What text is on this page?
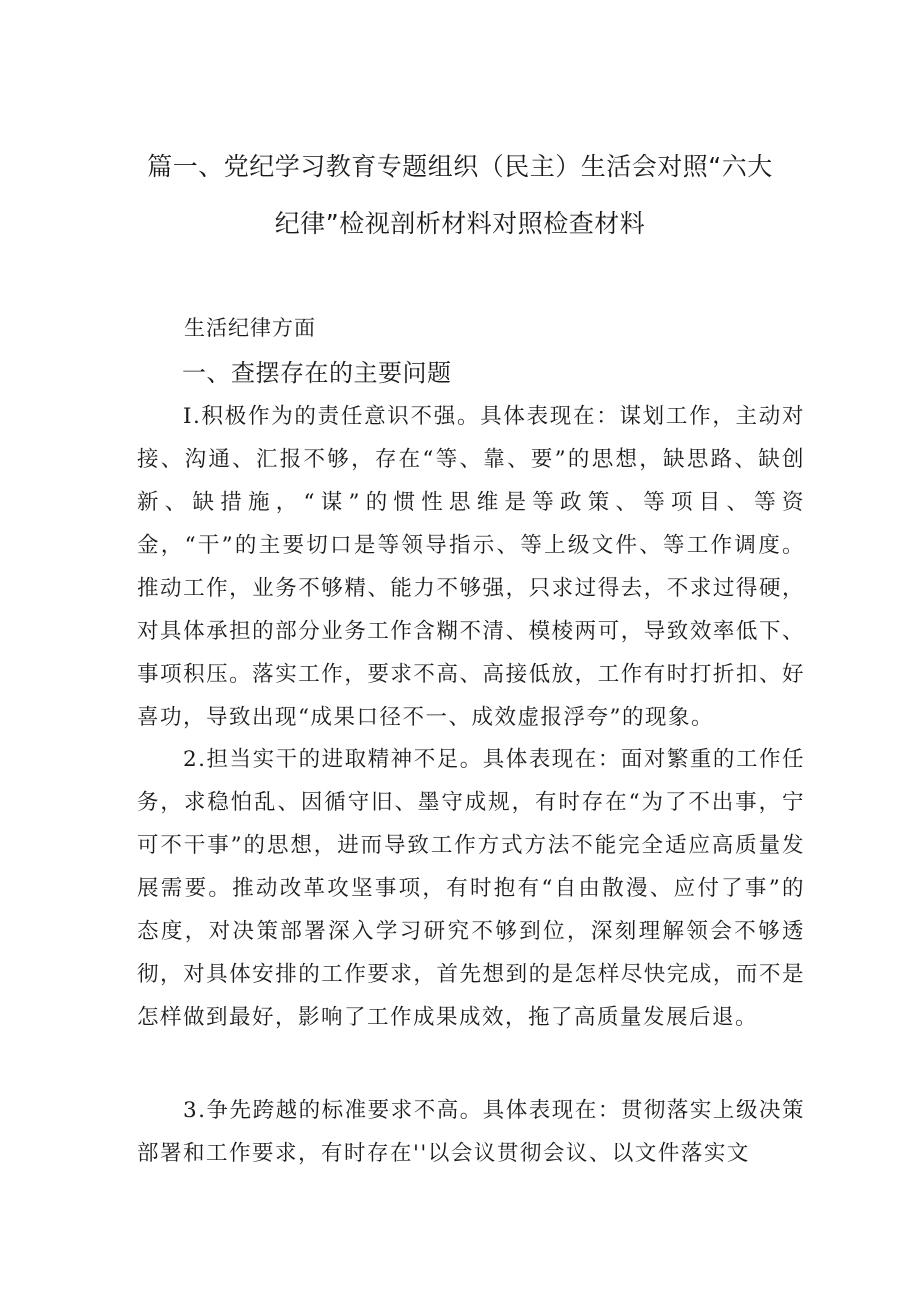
篇一、党纪学习教育专题组织（民主）生活会对照“六大
纪律”检视剖析材料对照检查材料
生活纪律方面
一、查摆存在的主要问题

I.积极作为的责任意识不强。具体表现在：谋划工作，主动对接、沟通、汇报不够，存在“等、靠、要”的思想，缺思路、缺创新、缺措施，“谋”的惯性思维是等政策、等项目、等资金，“干”的主要切口是等领导指示、等上级文件、等工作调度。推动工作，业务不够精、能力不够强，只求过得去，不求过得硬，对具体承担的部分业务工作含糊不清、模棱两可，导致效率低下、事项积压。落实工作，要求不高、高接低放，工作有时打折扣、好喜功，导致出现“成果口径不一、成效虚报浮夸”的现象。

2.担当实干的进取精神不足。具体表现在：面对繁重的工作任务，求稳怕乱、因循守旧、墨守成规，有时存在“为了不出事，宁可不干事”的思想，进而导致工作方式方法不能完全适应高质量发展需要。推动改革攻坚事项，有时抱有“自由散漫、应付了事”的态度，对决策部署深入学习研究不够到位，深刻理解领会不够透彻，对具体安排的工作要求，首先想到的是怎样尽快完成，而不是怎样做到最好，影响了工作成果成效，拖了高质量发展后退。

3.争先跨越的标准要求不高。具体表现在：贯彻落实上级决策部署和工作要求，有时存在''以会议贯彻会议、以文件落实文
